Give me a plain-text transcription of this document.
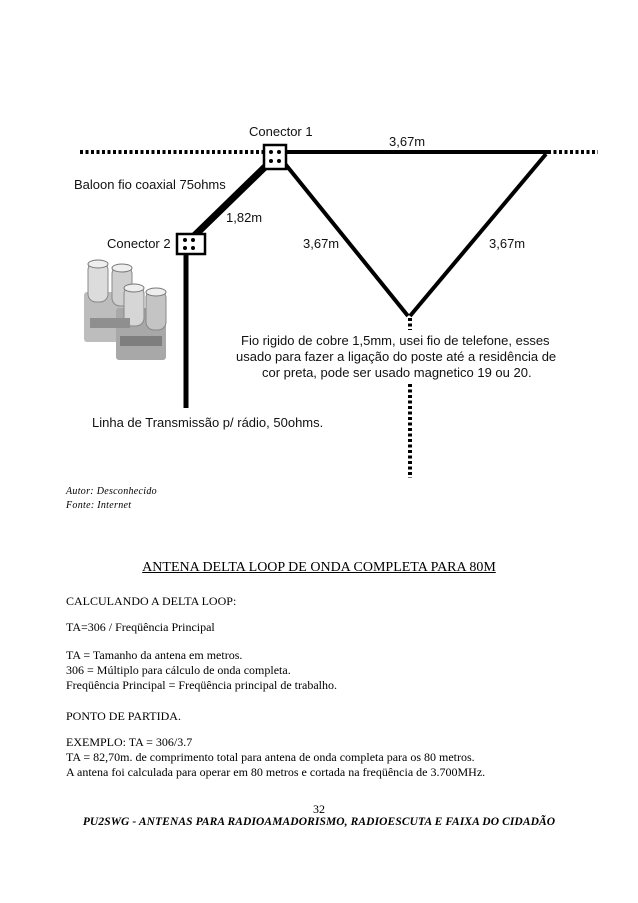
Conector 1
3,67m
Baloon fio coaxial 75ohms
1,82m
Conector 2	3,67m	3,67m
Fio rigido de cobre 1,5mm, usei fio de telefone, esses
usado para fazer a ligação do poste até a residência de
cor preta, pode ser usado magnetico 19 ou 20.
Linha de Transmissão p/ rádio, 50ohms.
Autor: Desconhecido
Fonte: Internet
ANTENA DELTA LOOP DE ONDA COMPLETA PARA 80M
CALCULANDO A DELTA LOOP:
TA=306 / Freqüência Principal
TA = Tamanho da antena em metros.
306 = Múltiplo para cálculo de onda completa.
Freqüência Principal = Freqüência principal de trabalho.
PONTO DE PARTIDA.
EXEMPLO: TA = 306/3.7
TA = 82,70m. de comprimento total para antena de onda completa para os 80 metros.
A antena foi calculada para operar em 80 metros e cortada na freqüência de 3.700MHz.
32
PU2SWG - ANTENAS PARA RADIOAMADORISMO, RADIOESCUTA E FAIXA DO CIDADÃO
